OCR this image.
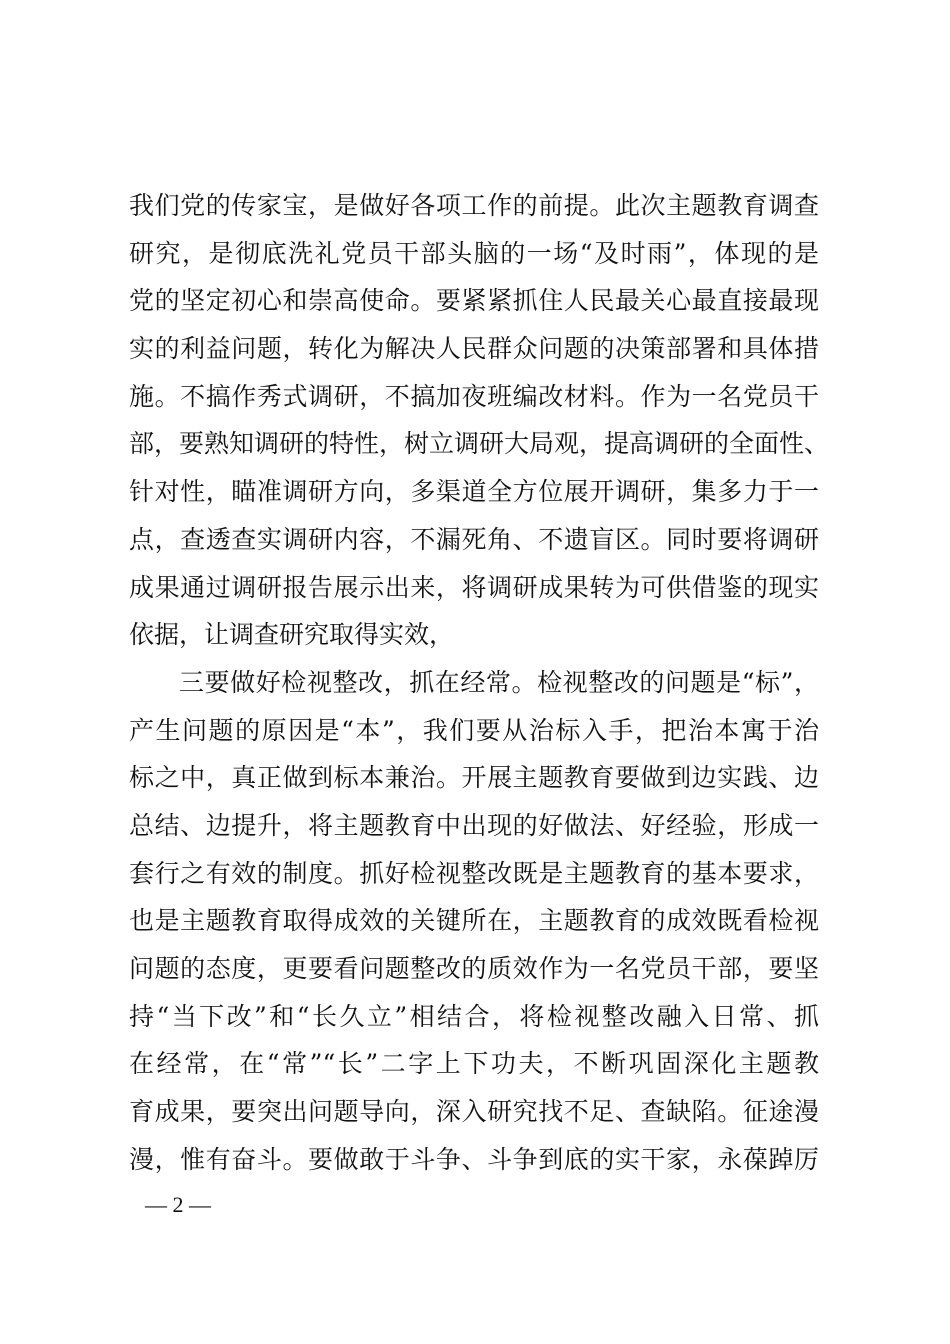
我们党的传家宝，是做好各项工作的前提。此次主题教育调查
研究，是彻底洗礼党员干部头脑的一场“及时雨”，体现的是
党的坚定初心和崇高使命。要紧紧抓住人民最关心最直接最现
实的利益问题，转化为解决人民群众问题的决策部署和具体措
施。不搞作秀式调研，不搞加夜班编改材料。作为一名党员干
部，要熟知调研的特性，树立调研大局观，提高调研的全面性、
针对性，瞄准调研方向，多渠道全方位展开调研，集多力于一
点，查透查实调研内容，不漏死角、不遗盲区。同时要将调研
成果通过调研报告展示出来，将调研成果转为可供借鉴的现实
依据，让调查研究取得实效，
三要做好检视整改，抓在经常。检视整改的问题是“标”，
产生问题的原因是“本”，我们要从治标入手，把治本寓于治
标之中，真正做到标本兼治。开展主题教育要做到边实践、边
总结、边提升，将主题教育中出现的好做法、好经验，形成一
套行之有效的制度。抓好检视整改既是主题教育的基本要求，
也是主题教育取得成效的关键所在，主题教育的成效既看检视
问题的态度，更要看问题整改的质效作为一名党员干部，要坚
持“当下改”和“长久立”相结合，将检视整改融入日常、抓
在经常，在“常”“长”二字上下功夫，不断巩固深化主题教
育成果，要突出问题导向，深入研究找不足、查缺陷。征途漫
漫，惟有奋斗。要做敢于斗争、斗争到底的实干家，永葆踔厉
— 2 —
